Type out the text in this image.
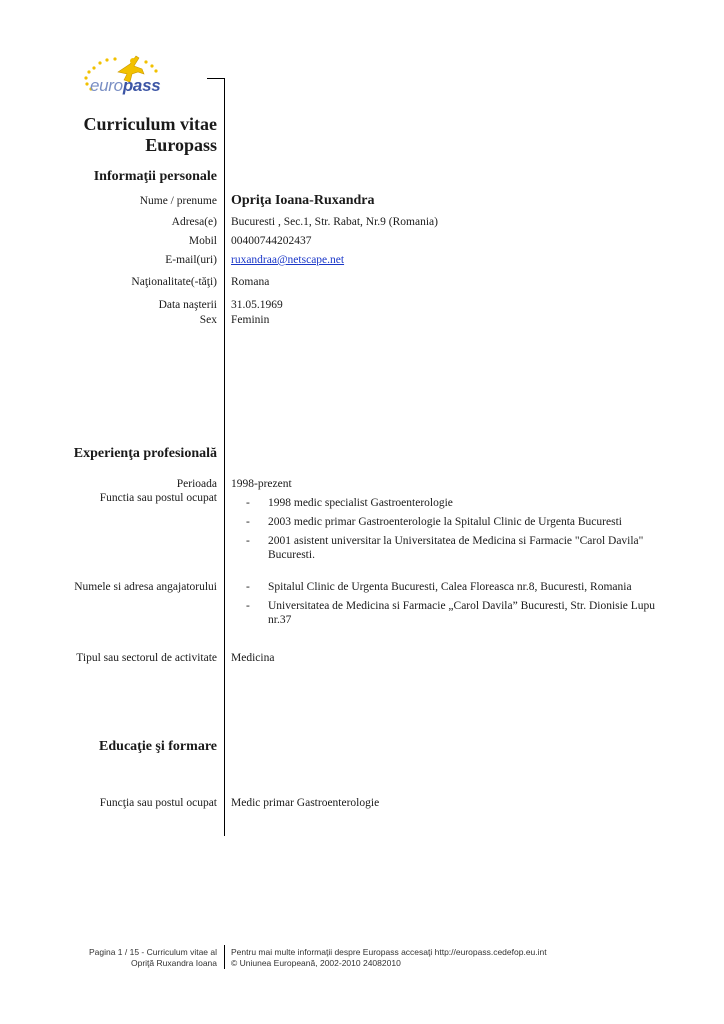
europass
Curriculum vitae
Europass
Informaţii personale
Nume / prenume Opriţa Ioana-Ruxandra
Adresa(e) Bucuresti , Sec.1, Str. Rabat, Nr.9 (Romania)
Mobil 00400744202437
E-mail(uri) ruxandraa@netscape.net
Naţionalitate(-tăţi) Romana
Data naşterii 31.05.1969
Sex Feminin
Experienţa profesională
Perioada 1998-prezent
Functia sau postul ocupat	- 1998 medic specialist Gastroenterologie
- 2003 medic primar Gastroenterologie la Spitalul Clinic de Urgenta Bucuresti
- 2001 asistent universitar la Universitatea de Medicina si Farmacie "Carol Davila"
Bucuresti.
Numele si adresa angajatorului	- Spitalul Clinic de Urgenta Bucuresti, Calea Floreasca nr.8, Bucuresti, Romania
- Universitatea de Medicina si Farmacie „Carol Davila” Bucuresti, Str. Dionisie Lupu
nr.37
Tipul sau sectorul de activitate Medicina
Educaţie şi formare
Funcţia sau postul ocupat Medic primar Gastroenterologie
Pagina 1 / 15 - Curriculum vitae al
Opriţă Ruxandra Ioana
Pentru mai multe informaţii despre Europass accesaţi http://europass.cedefop.eu.int
© Uniunea Europeană, 2002-2010 24082010
